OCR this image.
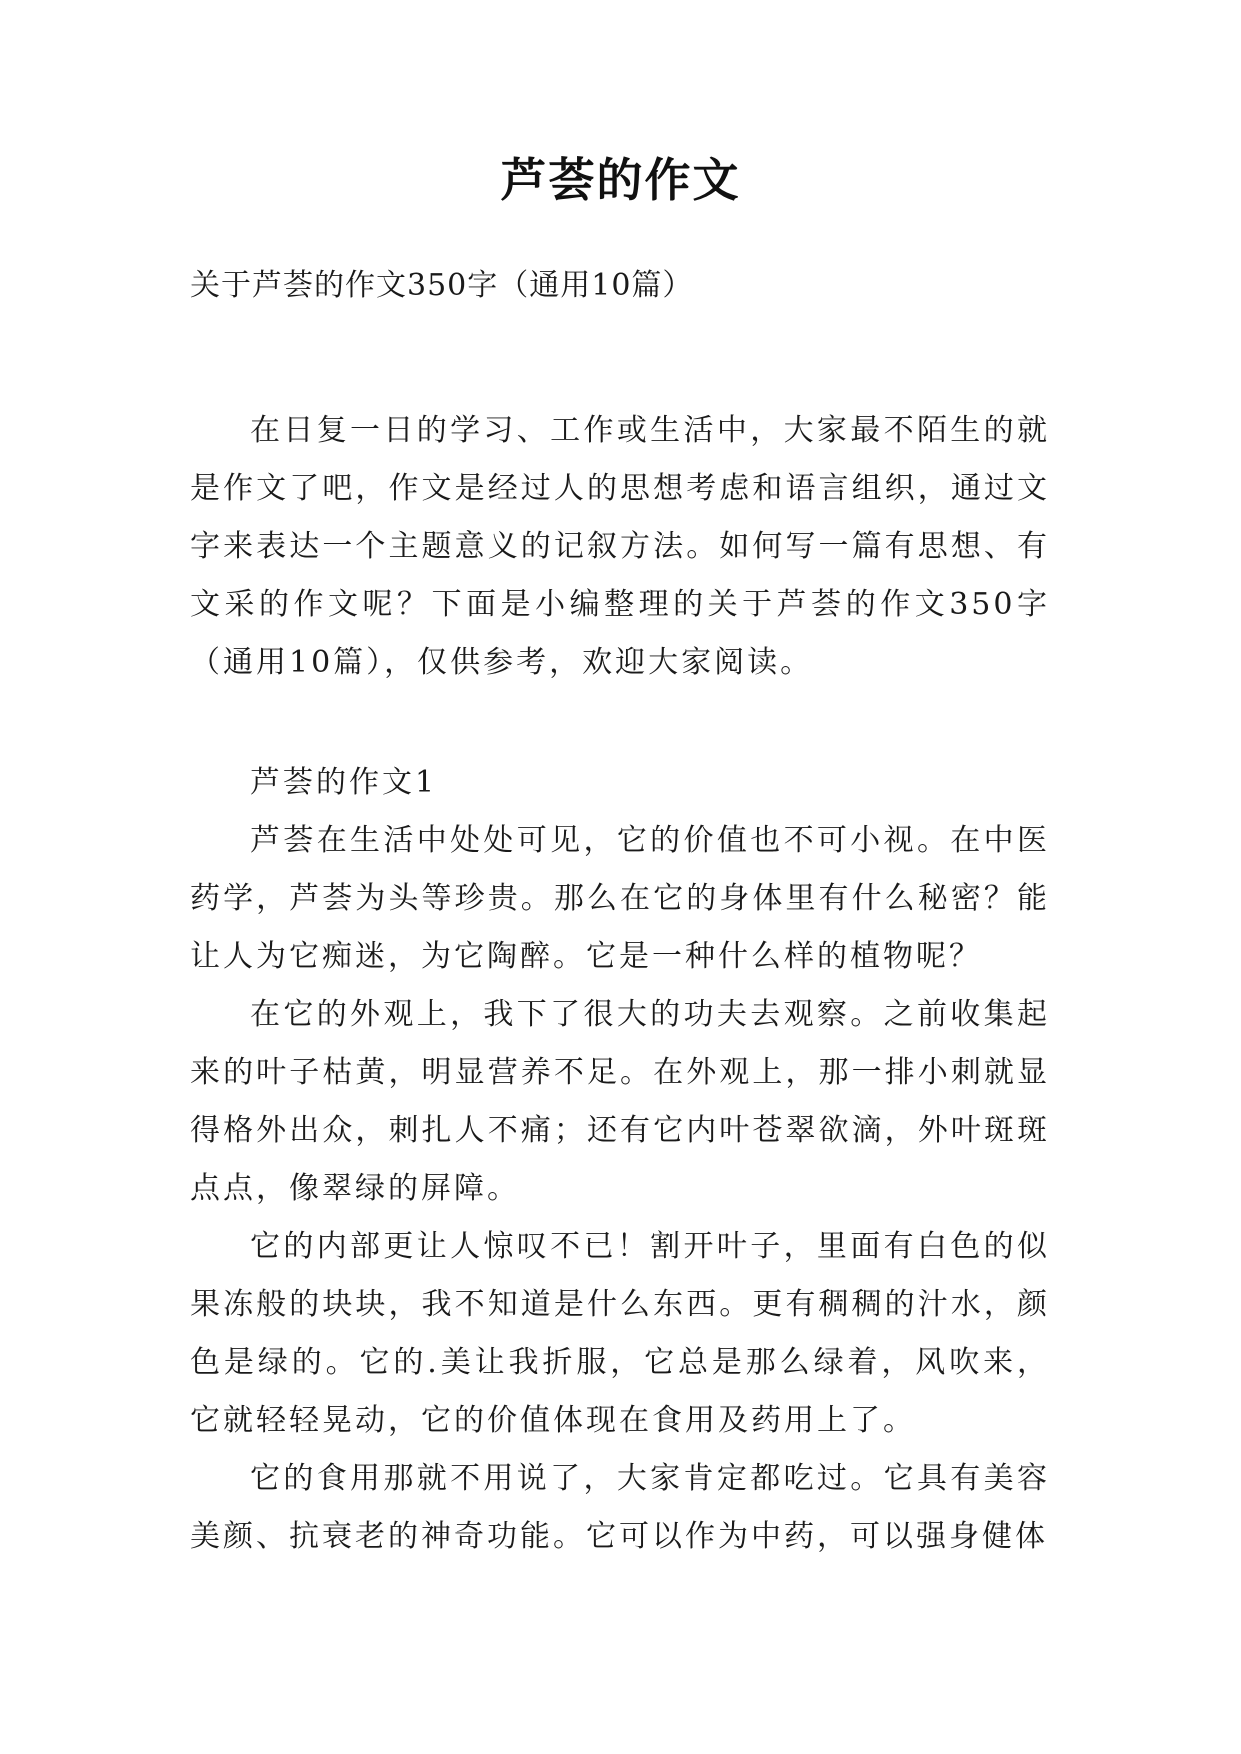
芦荟的作文
关于芦荟的作文350字（通用10篇）

在日复一日的学习、工作或生活中，大家最不陌生的就是作文了吧，作文是经过人的思想考虑和语言组织，通过文字来表达一个主题意义的记叙方法。如何写一篇有思想、有文采的作文呢？下面是小编整理的关于芦荟的作文350字（通用10篇），仅供参考，欢迎大家阅读。

芦荟的作文1

芦荟在生活中处处可见，它的价值也不可小视。在中医药学，芦荟为头等珍贵。那么在它的身体里有什么秘密？能让人为它痴迷，为它陶醉。它是一种什么样的植物呢？

在它的外观上，我下了很大的功夫去观察。之前收集起来的叶子枯黄，明显营养不足。在外观上，那一排小刺就显得格外出众，刺扎人不痛；还有它内叶苍翠欲滴，外叶斑斑点点，像翠绿的屏障。

它的内部更让人惊叹不已！割开叶子，里面有白色的似果冻般的块块，我不知道是什么东西。更有稠稠的汁水，颜色是绿的。它的.美让我折服，它总是那么绿着，风吹来，它就轻轻晃动，它的价值体现在食用及药用上了。

它的食用那就不用说了，大家肯定都吃过。它具有美容美颜、抗衰老的神奇功能。它可以作为中药，可以强身健体
